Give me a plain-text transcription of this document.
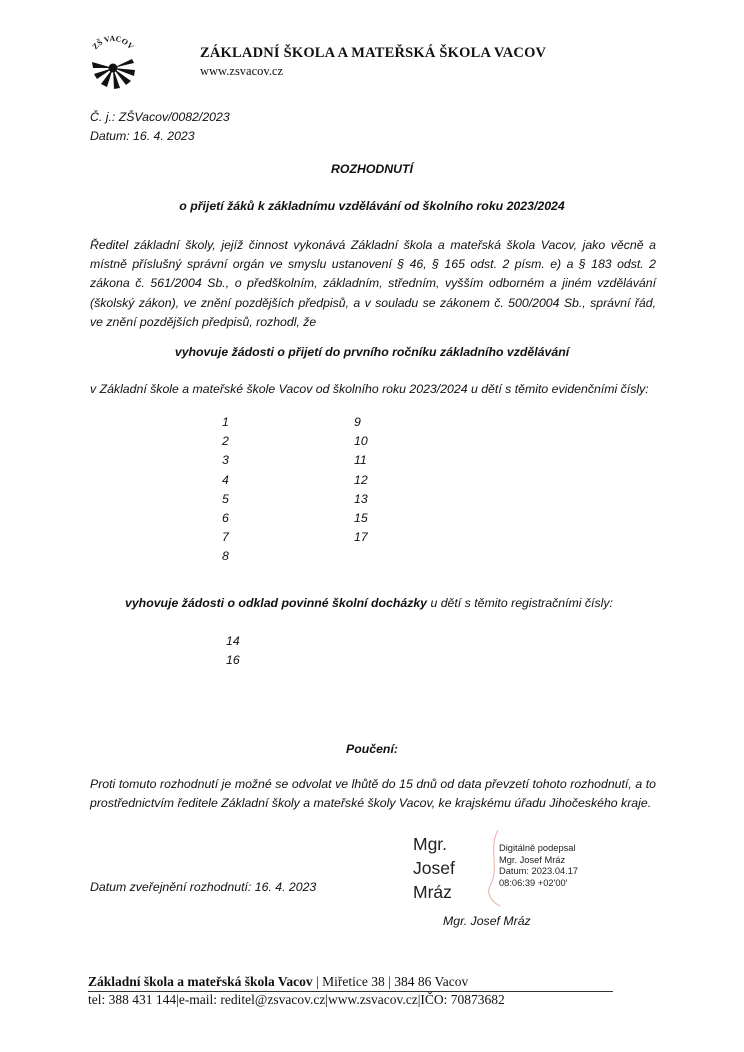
ZŠ VACOV	ZÁKLADNÍ ŠKOLA A MATEŘSKÁ ŠKOLA VACOV
www.zsvacov.cz
Č. j.: ZŠVacov/0082/2023
Datum: 16. 4. 2023
ROZHODNUTÍ
o přijetí žáků k základnímu vzdělávání od školního roku 2023/2024
Ředitel základní školy, jejíž činnost vykonává Základní škola a mateřská škola Vacov, jako věcně a místně příslušný správní orgán ve smyslu ustanovení § 46, § 165 odst. 2 písm. e) a § 183 odst. 2 zákona č. 561/2004 Sb., o předškolním, základním, středním, vyšším odborném a jiném vzdělávání (školský zákon), ve znění pozdějších předpisů, a v souladu se zákonem č. 500/2004 Sb., správní řád, ve znění pozdějších předpisů, rozhodl, že
vyhovuje žádosti o přijetí do prvního ročníku základního vzdělávání
v Základní škole a mateřské škole Vacov od školního roku 2023/2024 u dětí s těmito evidenčními čísly:
1
2
3
4
5
6
7
8
9
10
11
12
13
15
17
vyhovuje žádosti o odklad povinné školní docházky u dětí s těmito registračními čísly:
14
16
Poučení:
Proti tomuto rozhodnutí je možné se odvolat ve lhůtě do 15 dnů od data převzetí tohoto rozhodnutí, a to prostřednictvím ředitele Základní školy a mateřské školy Vacov, ke krajskému úřadu Jihočeského kraje.
Datum zveřejnění rozhodnutí: 16. 4. 2023
Mgr.
Josef
Mráz
Digitálně podepsal
Mgr. Josef Mráz
Datum: 2023.04.17
08:06:39 +02'00'
Mgr. Josef Mráz
Základní škola a mateřská škola Vacov | Miřetice 38 | 384 86 Vacov
tel: 388 431 144|e-mail: reditel@zsvacov.cz|www.zsvacov.cz|IČO: 70873682
